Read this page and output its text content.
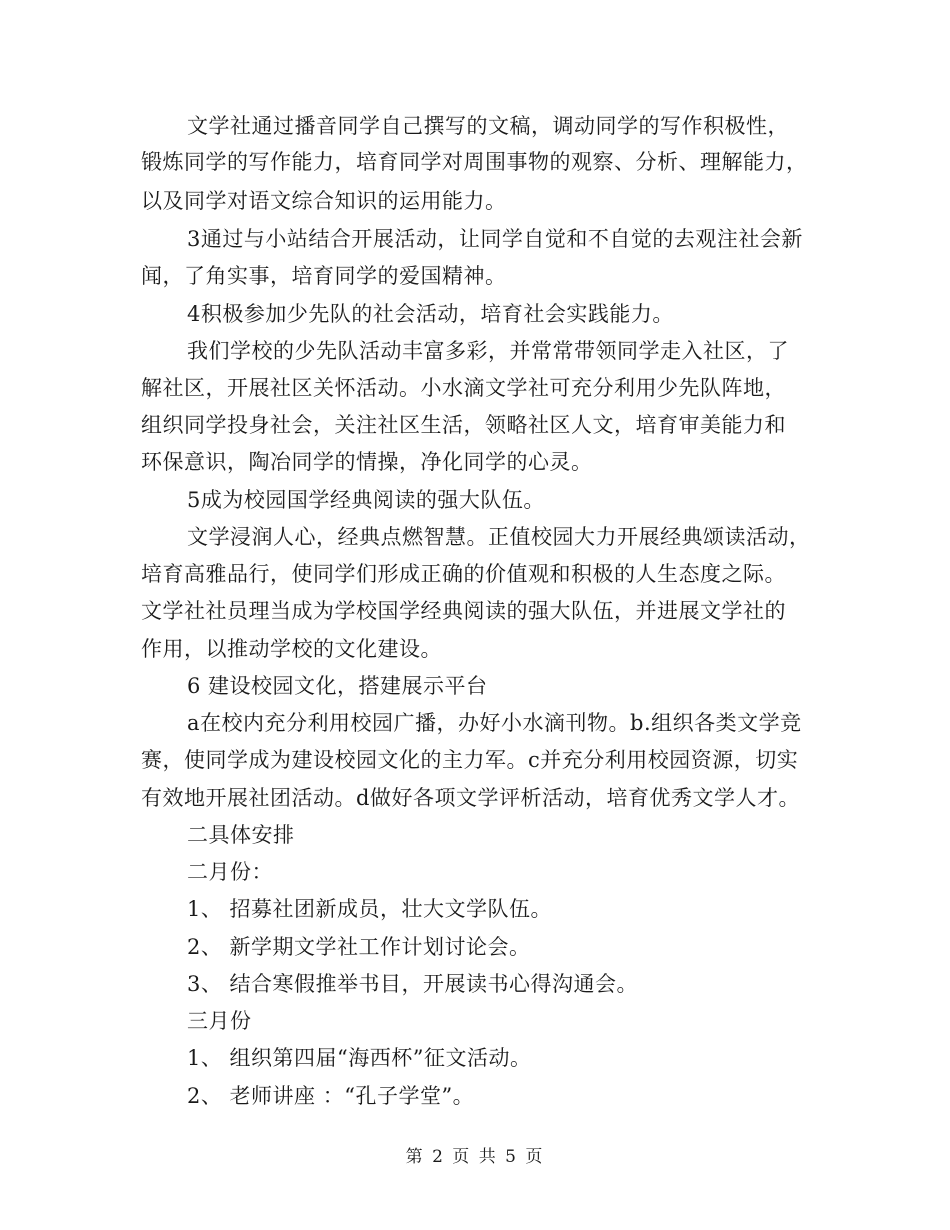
文学社通过播音同学自己撰写的文稿，调动同学的写作积极性，
锻炼同学的写作能力，培育同学对周围事物的观察、分析、理解能力，
以及同学对语文综合知识的运用能力。
3通过与小站结合开展活动，让同学自觉和不自觉的去观注社会新
闻，了角实事，培育同学的爱国精神。
4积极参加少先队的社会活动，培育社会实践能力。
我们学校的少先队活动丰富多彩，并常常带领同学走入社区，了
解社区，开展社区关怀活动。小水滴文学社可充分利用少先队阵地，
组织同学投身社会，关注社区生活，领略社区人文，培育审美能力和
环保意识，陶冶同学的情操，净化同学的心灵。
5成为校园国学经典阅读的强大队伍。
文学浸润人心，经典点燃智慧。正值校园大力开展经典颂读活动，
培育高雅品行，使同学们形成正确的价值观和积极的人生态度之际。
文学社社员理当成为学校国学经典阅读的强大队伍，并进展文学社的
作用，以推动学校的文化建设。
6 建设校园文化，搭建展示平台
a在校内充分利用校园广播，办好小水滴刊物。b.组织各类文学竞
赛，使同学成为建设校园文化的主力军。c并充分利用校园资源，切实
有效地开展社团活动。d做好各项文学评析活动，培育优秀文学人才。
二具体安排
二月份：
1、 招募社团新成员，壮大文学队伍。
2、 新学期文学社工作计划讨论会。
3、 结合寒假推举书目，开展读书心得沟通会。
三月份
1、 组织第四届“海西杯”征文活动。
2、 老师讲座 ：“孔子学堂”。
第 2 页 共 5 页
